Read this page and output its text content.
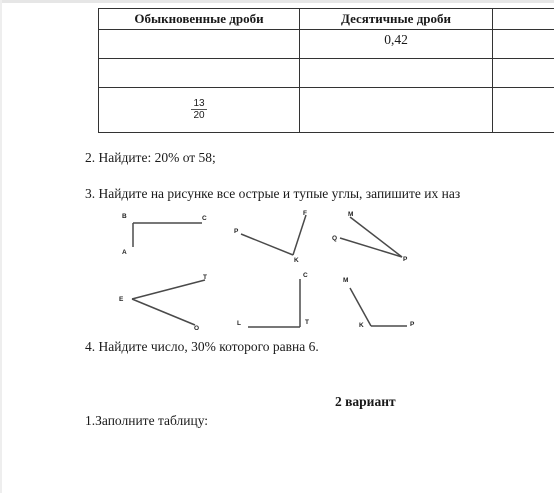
Обыкновенные дроби	Десятичные дроби	
	0,42	

$\frac{13}{20}$

2. Найдите: 20% от 58;
3. Найдите на рисунке все острые и тупые углы, запишите их наз
B	C
A
F
P
K
M
Q
P
T
E
O
C
L	T
M
K	P
4. Найдите число, 30% которого равна 6.
2 вариант
1.Заполните таблицу:
